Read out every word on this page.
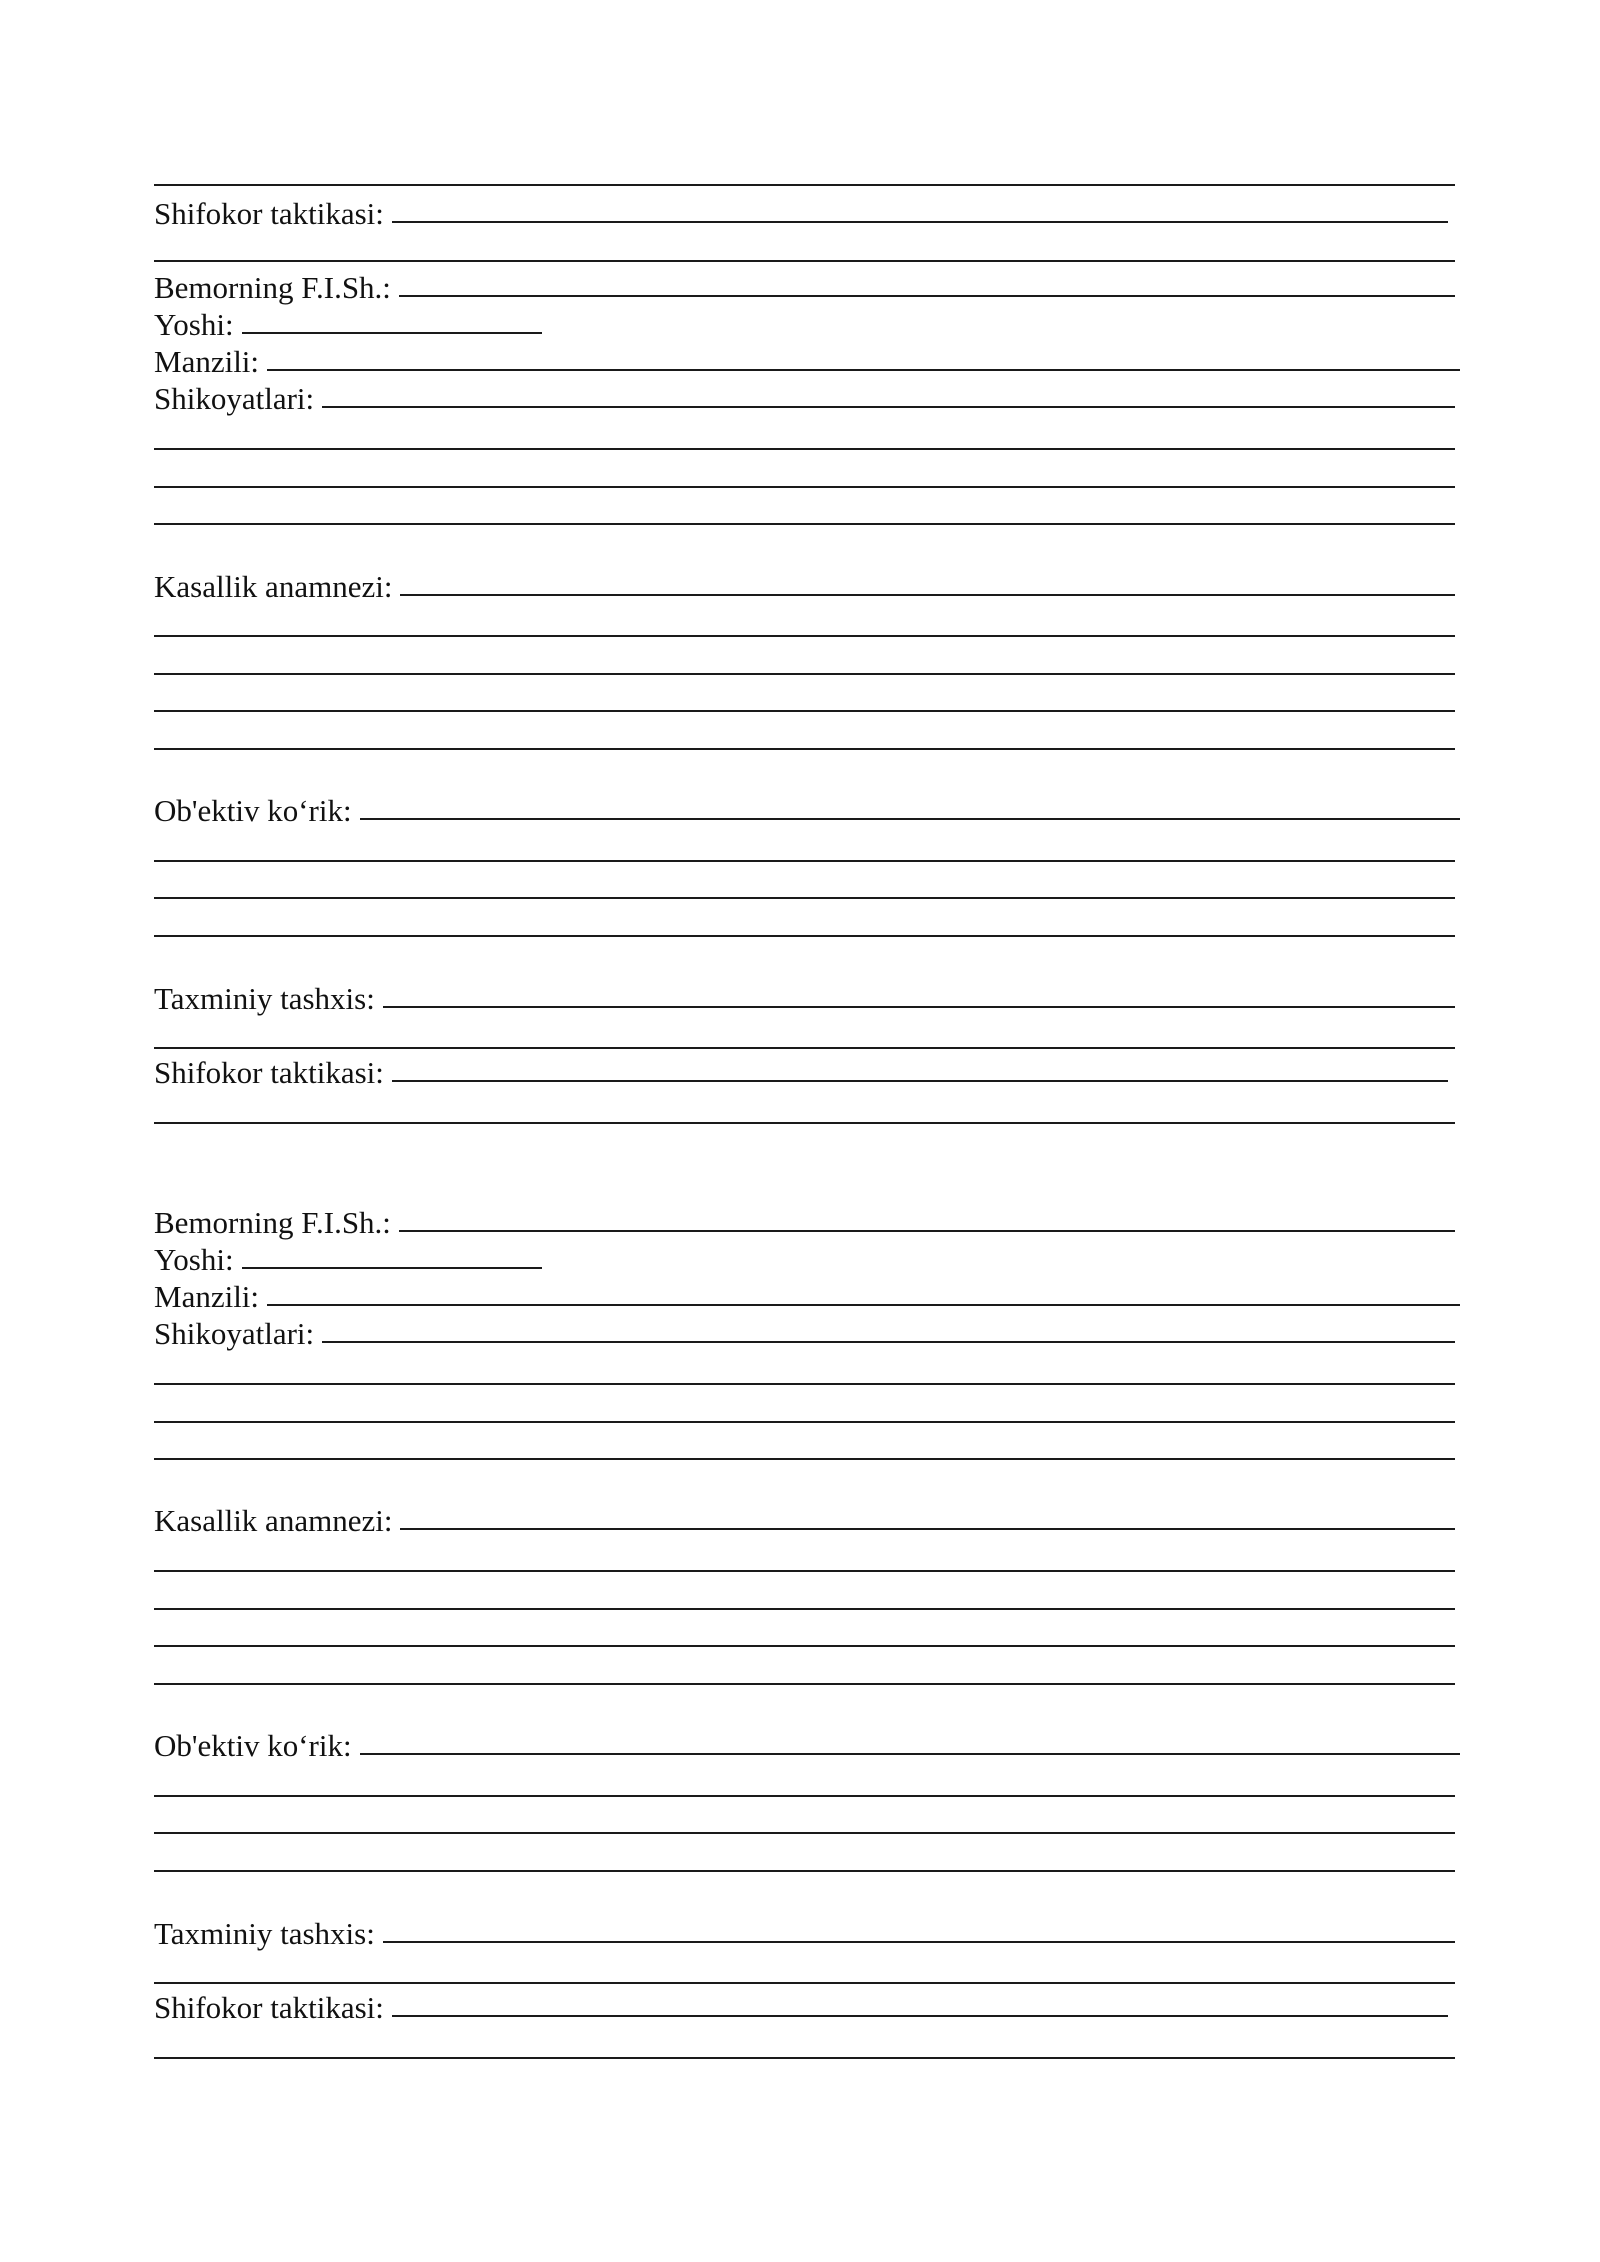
Shifokor taktikasi:
Bemorning F.I.Sh.:
Yoshi:
Manzili:
Shikoyatlari:
Kasallik anamnezi:
Ob'ektiv ko‘rik:
Taxminiy tashxis:
Shifokor taktikasi:
Bemorning F.I.Sh.:
Yoshi:
Manzili:
Shikoyatlari:
Kasallik anamnezi:
Ob'ektiv ko‘rik:
Taxminiy tashxis:
Shifokor taktikasi:
